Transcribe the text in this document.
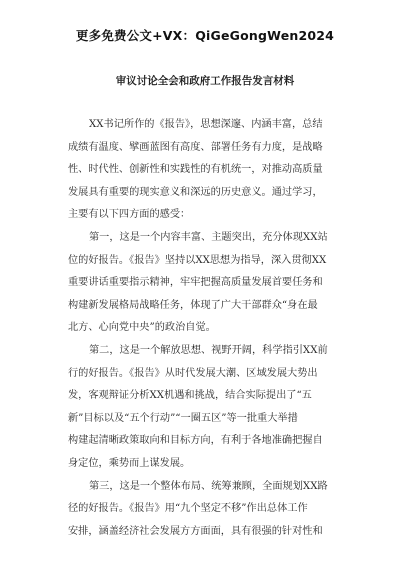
更多免费公文+VX：QiGeGongWen2024
审议讨论全会和政府工作报告发言材料
XX书记所作的《报告》，思想深邃、内涵丰富，总结
成绩有温度、擘画蓝图有高度、部署任务有力度，是战略
性、时代性、创新性和实践性的有机统一，对推动高质量
发展具有重要的现实意义和深远的历史意义。通过学习，
主要有以下四方面的感受：
第一，这是一个内容丰富、主题突出，充分体现XX站
位的好报告。《报告》坚持以XX思想为指导，深入贯彻XX
重要讲话重要指示精神，牢牢把握高质量发展首要任务和
构建新发展格局战略任务，体现了广大干部群众“身在最
北方、心向党中央”的政治自觉。
第二，这是一个解放思想、视野开阔，科学指引XX前
行的好报告。《报告》从时代发展大潮、区域发展大势出
发，客观辩证分析XX机遇和挑战，结合实际提出了“五
新”目标以及“五个行动”“一圈五区”等一批重大举措
构建起清晰政策取向和目标方向，有利于各地准确把握自
身定位，乘势而上谋发展。
第三，这是一个整体布局、统筹兼顾，全面规划XX路
径的好报告。《报告》用“九个坚定不移”作出总体工作
安排，涵盖经济社会发展方方面面，具有很强的针对性和
